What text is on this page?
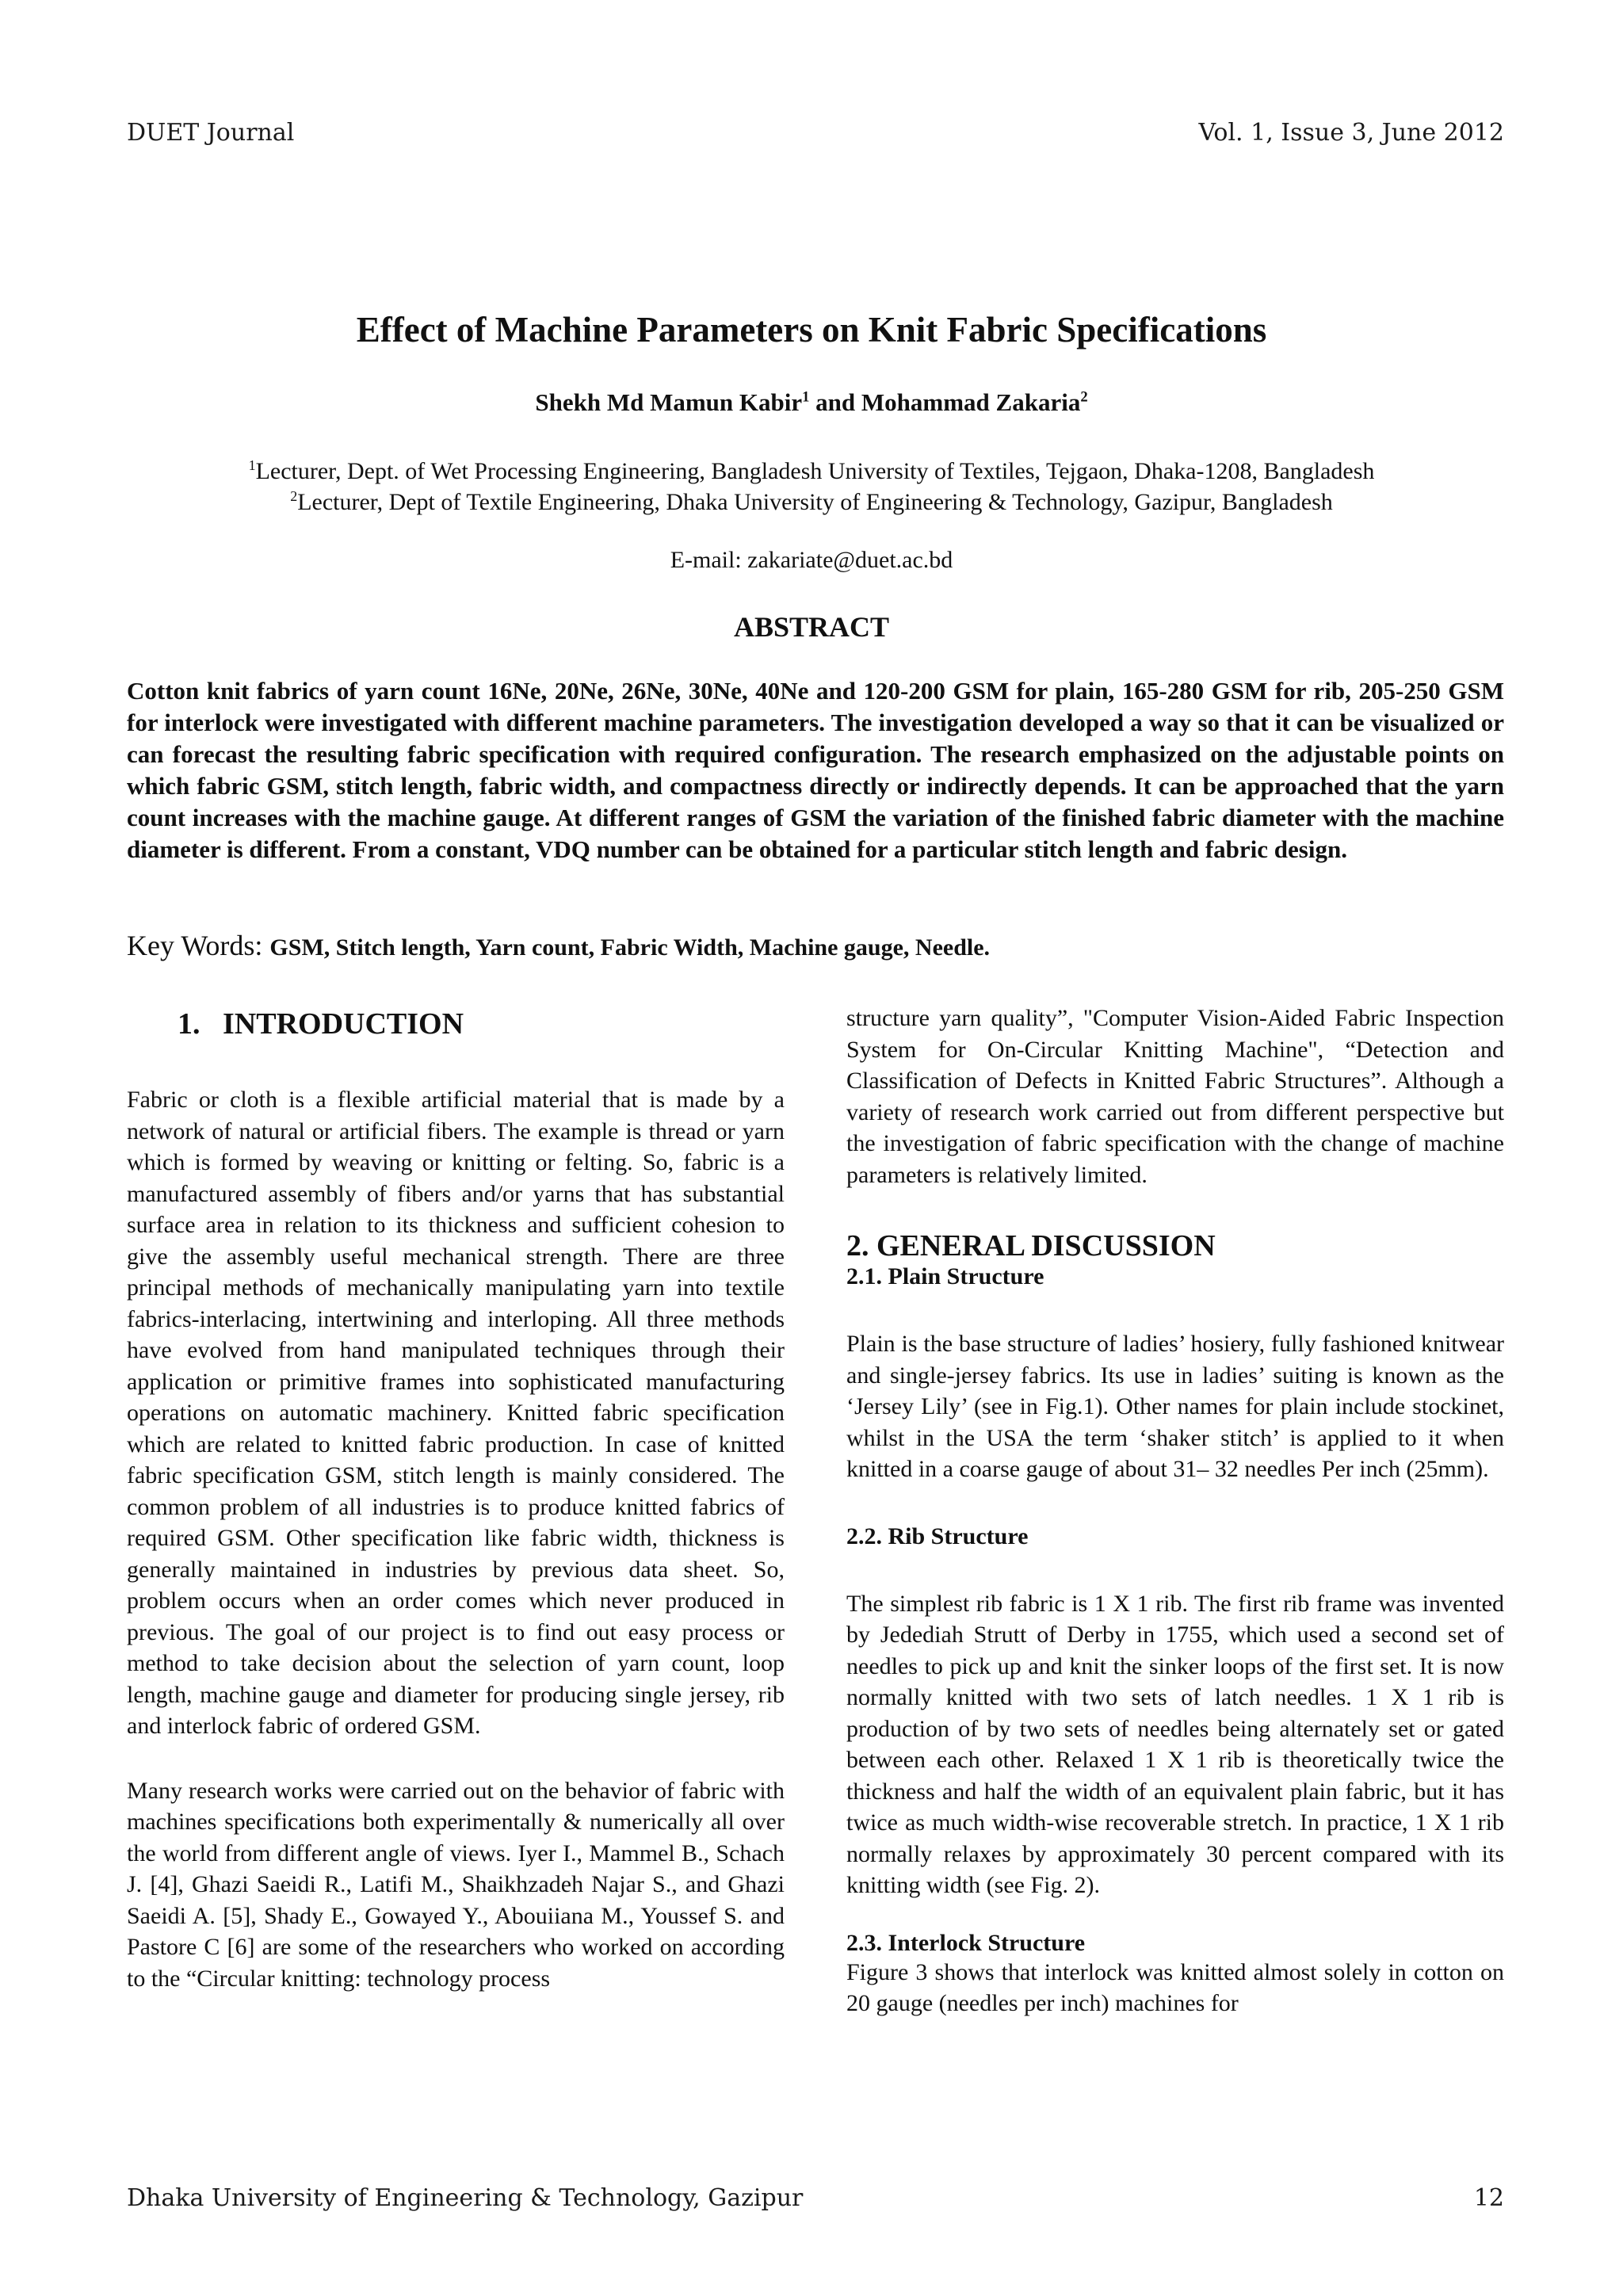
DUET Journal	Vol. 1, Issue 3, June 2012
Effect of Machine Parameters on Knit Fabric Specifications
Shekh Md Mamun Kabir$^1$ and Mohammad Zakaria$^2$
$^1$Lecturer, Dept. of Wet Processing Engineering, Bangladesh University of Textiles, Tejgaon, Dhaka-1208, Bangladesh
$^2$Lecturer, Dept of Textile Engineering, Dhaka University of Engineering & Technology, Gazipur, Bangladesh
E-mail: zakariate@duet.ac.bd
ABSTRACT
Cotton knit fabrics of yarn count 16Ne, 20Ne, 26Ne, 30Ne, 40Ne and 120-200 GSM for plain, 165-280 GSM for rib, 205-250 GSM for interlock were investigated with different machine parameters. The investigation developed a way so that it can be visualized or can forecast the resulting fabric specification with required configuration. The research emphasized on the adjustable points on which fabric GSM, stitch length, fabric width, and compactness directly or indirectly depends. It can be approached that the yarn count increases with the machine gauge. At different ranges of GSM the variation of the finished fabric diameter with the machine diameter is different. From a constant, VDQ number can be obtained for a particular stitch length and fabric design.
Key Words: GSM, Stitch length, Yarn count, Fabric Width, Machine gauge, Needle.
1.   INTRODUCTION

Fabric or cloth is a flexible artificial material that is made by a network of natural or artificial fibers. The example is thread or yarn which is formed by weaving or knitting or felting. So, fabric is a manufactured assembly of fibers and/or yarns that has substantial surface area in relation to its thickness and sufficient cohesion to give the assembly useful mechanical strength. There are three principal methods of mechanically manipulating yarn into textile fabrics-interlacing, intertwining and interloping. All three methods have evolved from hand manipulated techniques through their application or primitive frames into sophisticated manufacturing operations on automatic machinery. Knitted fabric specification which are related to knitted fabric production. In case of knitted fabric specification GSM, stitch length is mainly considered. The common problem of all industries is to produce knitted fabrics of required GSM. Other specification like fabric width, thickness is generally maintained in industries by previous data sheet. So, problem occurs when an order comes which never produced in previous. The goal of our project is to find out easy process or method to take decision about the selection of yarn count, loop length, machine gauge and diameter for producing single jersey, rib and interlock fabric of ordered GSM.

Many research works were carried out on the behavior of fabric with machines specifications both experimentally & numerically all over the world from different angle of views. Iyer I., Mammel B., Schach J. [4], Ghazi Saeidi R., Latifi M., Shaikhzadeh Najar S., and Ghazi Saeidi A. [5], Shady E., Gowayed Y., Abouiiana M., Youssef S. and Pastore C [6] are some of the researchers who worked on according to the “Circular knitting: technology process

structure yarn quality”, "Computer Vision-Aided Fabric Inspection System for On-Circular Knitting Machine", “Detection and Classification of Defects in Knitted Fabric Structures”. Although a variety of research work carried out from different perspective but the investigation of fabric specification with the change of machine parameters is relatively limited.

2. GENERAL DISCUSSION
2.1. Plain Structure

Plain is the base structure of ladies’ hosiery, fully fashioned knitwear and single-jersey fabrics. Its use in ladies’ suiting is known as the ‘Jersey Lily’ (see in Fig.1). Other names for plain include stockinet, whilst in the USA the term ‘shaker stitch’ is applied to it when knitted in a coarse gauge of about 31– 32 needles Per inch (25mm).

2.2. Rib Structure

The simplest rib fabric is 1 X 1 rib. The first rib frame was invented by Jedediah Strutt of Derby in 1755, which used a second set of needles to pick up and knit the sinker loops of the first set. It is now normally knitted with two sets of latch needles. 1 X 1 rib is production of by two sets of needles being alternately set or gated between each other. Relaxed 1 X 1 rib is theoretically twice the thickness and half the width of an equivalent plain fabric, but it has twice as much width-wise recoverable stretch. In practice, 1 X 1 rib normally relaxes by approximately 30 percent compared with its knitting width (see Fig. 2).

2.3. Interlock Structure

Figure 3 shows that interlock was knitted almost solely in cotton on 20 gauge (needles per inch) machines for

Dhaka University of Engineering & Technology, Gazipur	12
